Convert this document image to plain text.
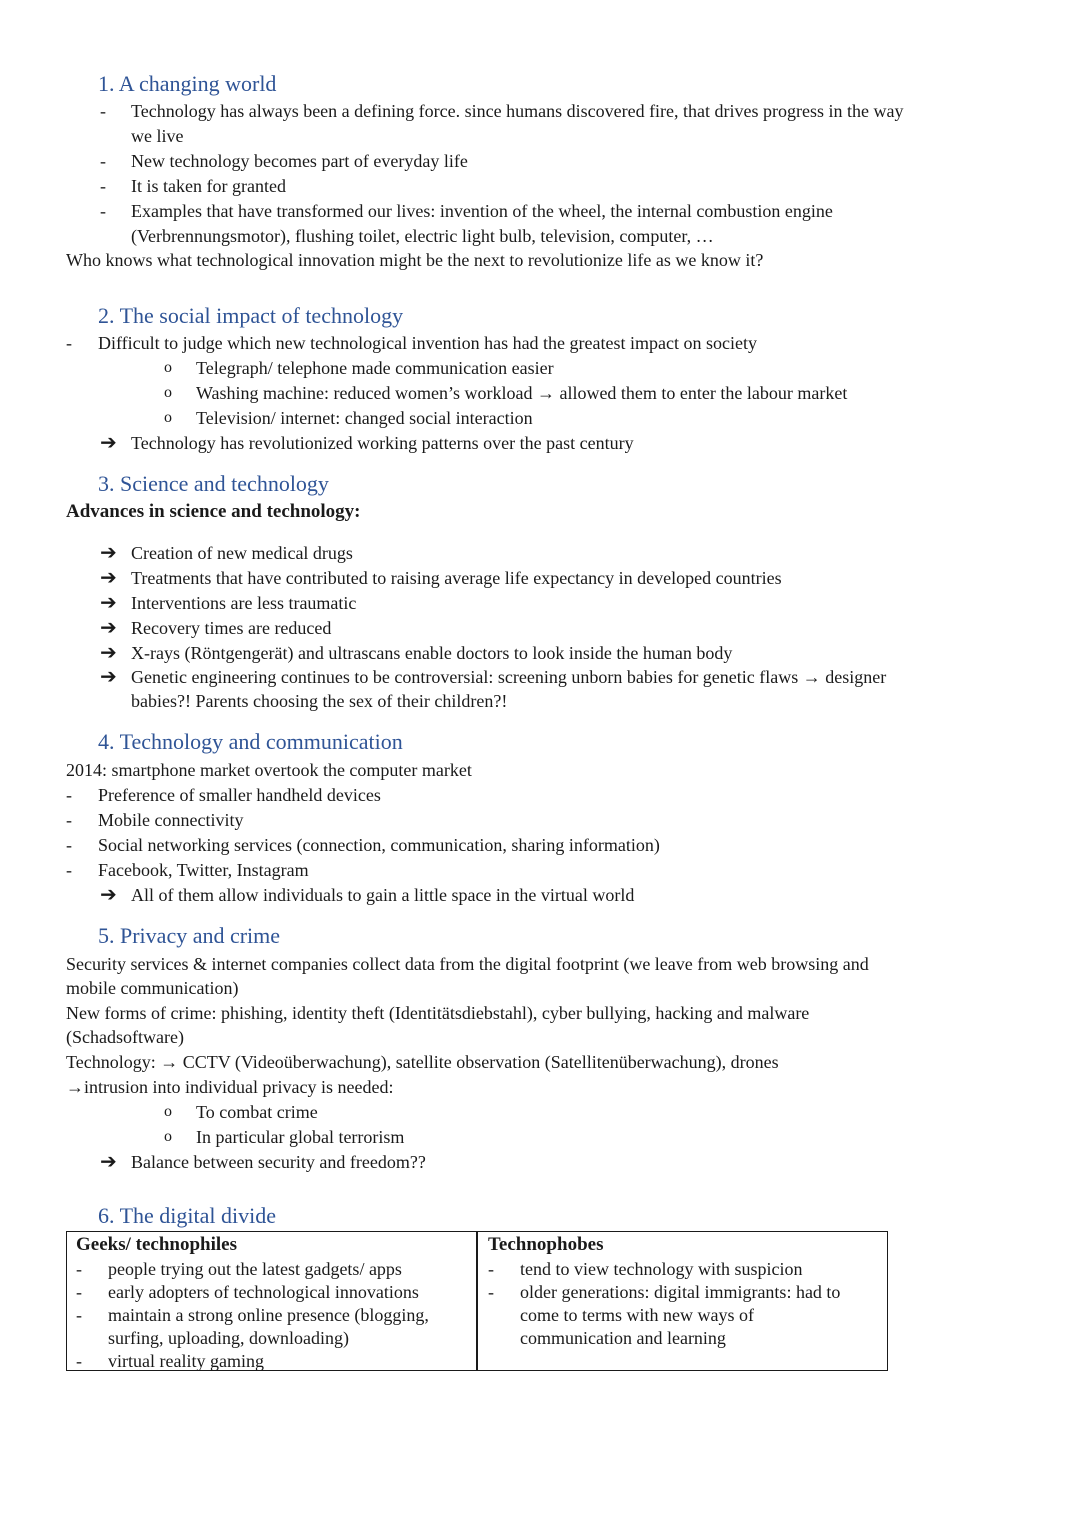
1. A changing world
- Technology has always been a defining force. since humans discovered fire, that drives progress in the way
we live
- New technology becomes part of everyday life
- It is taken for granted
- Examples that have transformed our lives: invention of the wheel, the internal combustion engine
(Verbrennungsmotor), flushing toilet, electric light bulb, television, computer, …
Who knows what technological innovation might be the next to revolutionize life as we know it?
2. The social impact of technology
- Difficult to judge which new technological invention has had the greatest impact on society
o Telegraph/ telephone made communication easier
o Washing machine: reduced women’s workload → allowed them to enter the labour market
o Television/ internet: changed social interaction
➔ Technology has revolutionized working patterns over the past century
3. Science and technology
Advances in science and technology:
➔ Creation of new medical drugs
➔ Treatments that have contributed to raising average life expectancy in developed countries
➔ Interventions are less traumatic
➔ Recovery times are reduced
➔ X-rays (Röntgengerät) and ultrascans enable doctors to look inside the human body
➔ Genetic engineering continues to be controversial: screening unborn babies for genetic flaws → designer
babies?! Parents choosing the sex of their children?!
4. Technology and communication
2014: smartphone market overtook the computer market
- Preference of smaller handheld devices
- Mobile connectivity
- Social networking services (connection, communication, sharing information)
- Facebook, Twitter, Instagram
➔ All of them allow individuals to gain a little space in the virtual world
5. Privacy and crime
Security services & internet companies collect data from the digital footprint (we leave from web browsing and
mobile communication)
New forms of crime: phishing, identity theft (Identitätsdiebstahl), cyber bullying, hacking and malware
(Schadsoftware)
Technology: → CCTV (Videoüberwachung), satellite observation (Satellitenüberwachung), drones
→intrusion into individual privacy is needed:
o To combat crime
o In particular global terrorism
➔ Balance between security and freedom??
6. The digital divide
Geeks/ technophiles
- people trying out the latest gadgets/ apps
- early adopters of technological innovations
- maintain a strong online presence (blogging,
surfing, uploading, downloading)
- virtual reality gaming
Technophobes
- tend to view technology with suspicion
- older generations: digital immigrants: had to
come to terms with new ways of
communication and learning
